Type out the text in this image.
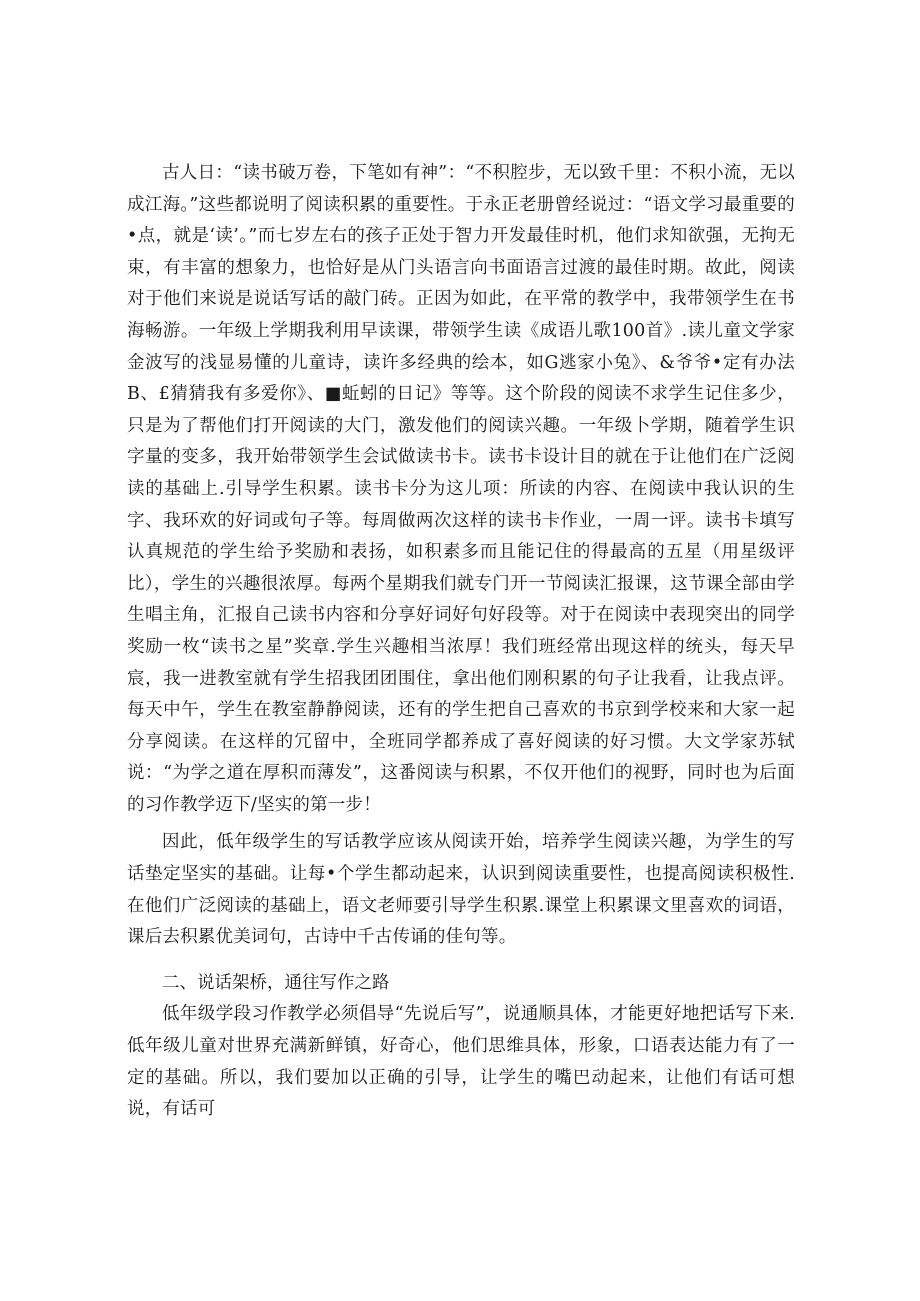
古人日：“读书破万卷，下笔如有神”：“不积腔步，无以致千里：不积小流，无以成江海。”这些都说明了阅读积累的重要性。于永正老册曾经说过：“语文学习最重要的•点，就是‘读’。”而七岁左右的孩子正处于智力开发最佳时机，他们求知欲强，无拘无束，有丰富的想象力，也恰好是从门头语言向书面语言过渡的最佳时期。故此，阅读对于他们来说是说话写话的敲门砖。正因为如此，在平常的教学中，我带领学生在书海畅游。一年级上学期我利用早读课，带领学生读《成语儿歌100首》.读儿童文学家金波写的浅显易懂的儿童诗，读许多经典的绘本，如G逃家小兔》、&爷爷•定有办法B、£猜猜我有多爱你》、■蚯蚓的日记》等等。这个阶段的阅读不求学生记住多少，只是为了帮他们打开阅读的大门，激发他们的阅读兴趣。一年级卜学期，随着学生识字量的变多，我开始带领学生会试做读书卡。读书卡设计目的就在于让他们在广泛阅读的基础上.引导学生积累。读书卡分为这儿项：所读的内容、在阅读中我认识的生字、我环欢的好词或句子等。每周做两次这样的读书卡作业，一周一评。读书卡填写认真规范的学生给予奖励和表扬，如积素多而且能记住的得最高的五星（用星级评比），学生的兴趣很浓厚。每两个星期我们就专门开一节阅读汇报课，这节课全部由学生唱主角，汇报自己读书内容和分享好词好句好段等。对于在阅读中表现突出的同学奖励一枚“读书之星”奖章.学生兴趣相当浓厚！我们班经常出现这样的统头，每天早宸，我一进教室就有学生招我团团围住，拿出他们刚积累的句子让我看，让我点评。每天中午，学生在教室静静阅读，还有的学生把自己喜欢的书京到学校来和大家一起分享阅读。在这样的冗留中，全班同学都养成了喜好阅读的好习惯。大文学家苏轼说：“为学之道在厚积而薄发”，这番阅读与积累，不仅开他们的视野，同时也为后面的习作教学迈下/坚实的第一步！

因此，低年级学生的写话教学应该从阅读开始，培养学生阅读兴趣，为学生的写话垫定坚实的基础。让每•个学生都动起来，认识到阅读重要性，也提高阅读积极性.在他们广泛阅读的基础上，语文老师要引导学生积累.课堂上积累课文里喜欢的词语，课后去积累优美词句，古诗中千古传诵的佳句等。

二、说话架桥，通往写作之路

低年级学段习作教学必须倡导“先说后写”，说通顺具体，才能更好地把话写下来.低年级儿童对世界充满新鲜镇，好奇心，他们思维具体，形象，口语表达能力有了一定的基础。所以，我们要加以正确的引导，让学生的嘴巴动起来，让他们有话可想说，有话可
